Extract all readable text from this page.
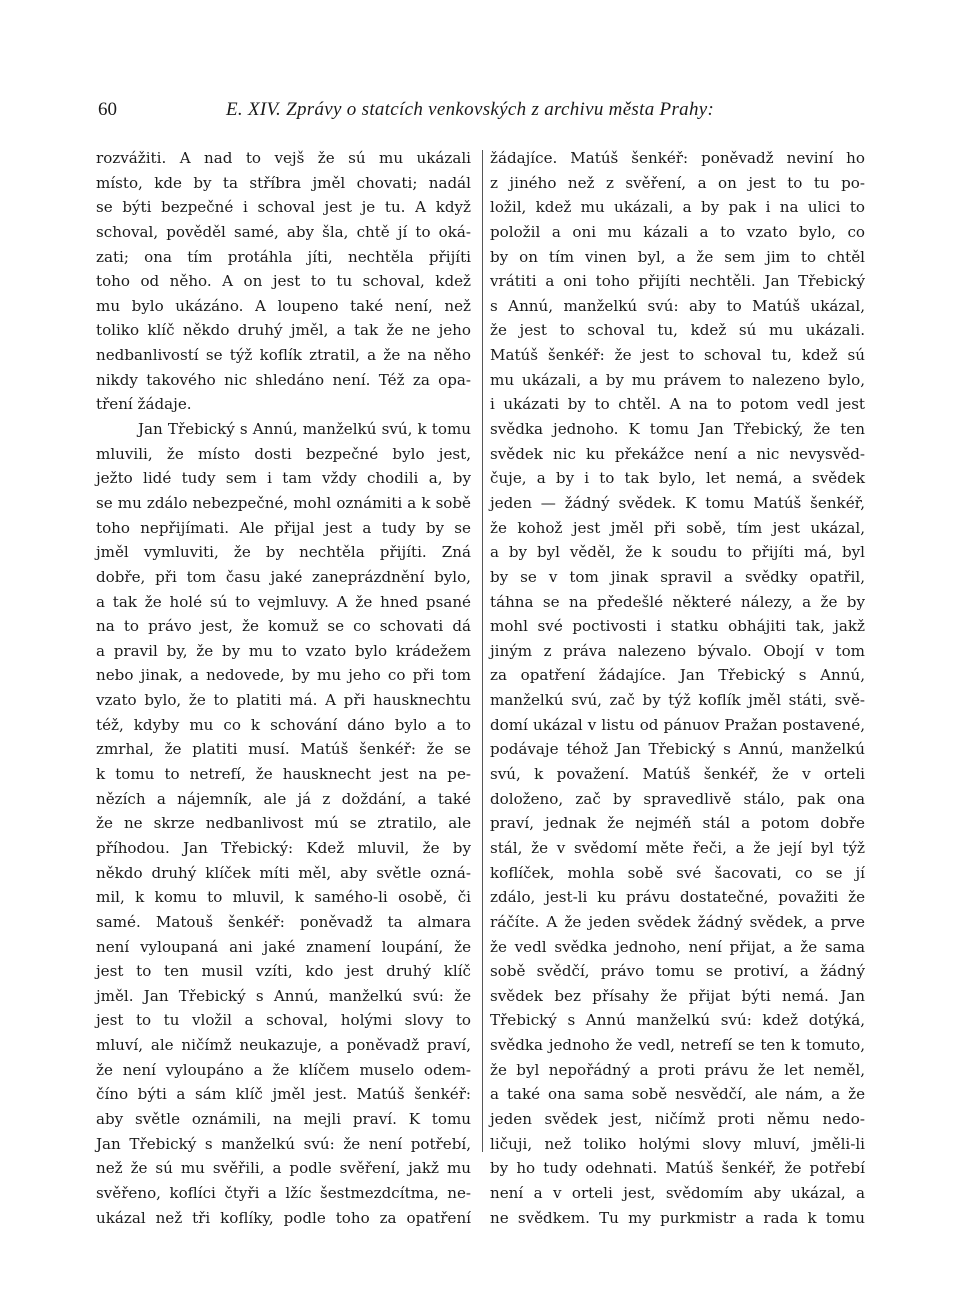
60	E. XIV. Zprávy o statcích venkovských z archivu města Prahy:
rozvážiti. A nad to vejš že sú mu ukázali
místo, kde by ta stříbra jměl chovati; nadál
se býti bezpečné i schoval jest je tu. A když
schoval, pověděl samé, aby šla, chtě jí to oká-
zati; ona tím protáhla jíti, nechtěla přijíti
toho od něho. A on jest to tu schoval, kdež
mu bylo ukázáno. A loupeno také není, než
toliko klíč někdo druhý jměl, a tak že ne jeho
nedbanlivostí se týž koflík ztratil, a že na něho
nikdy takového nic shledáno není. Též za opa-
tření žádaje.
Jan Třebický s Annú, manželkú svú, k tomu
mluvili, že místo dosti bezpečné bylo jest,
ježto lidé tudy sem i tam vždy chodili a, by
se mu zdálo nebezpečné, mohl oznámiti a k sobě
toho nepřijímati. Ale přijal jest a tudy by se
jměl vymluviti, že by nechtěla přijíti. Zná
dobře, při tom času jaké zaneprázdnění bylo,
a tak že holé sú to vejmluvy. A že hned psané
na to právo jest, že komuž se co schovati dá
a pravil by, že by mu to vzato bylo krádežem
nebo jinak, a nedovede, by mu jeho co při tom
vzato bylo, že to platiti má. A při hausknechtu
též, kdyby mu co k schování dáno bylo a to
zmrhal, že platiti musí. Matúš šenkéř: že se
k tomu to netrefí, že hausknecht jest na pe-
nězích a nájemník, ale já z doždání, a také
že ne skrze nedbanlivost mú se ztratilo, ale
příhodou. Jan Třebický: Kdež mluvil, že by
někdo druhý klíček míti měl, aby světle ozná-
mil, k komu to mluvil, k samého-li osobě, či
samé. Matouš šenkéř: poněvadž ta almara
není vyloupaná ani jaké znamení loupání, že
jest to ten musil vzíti, kdo jest druhý klíč
jměl. Jan Třebický s Annú, manželkú svú: že
jest to tu vložil a schoval, holými slovy to
mluví, ale ničímž neukazuje, a poněvadž praví,
že není vyloupáno a že klíčem muselo odem-
číno býti a sám klíč jměl jest. Matúš šenkéř:
aby světle oznámili, na mejli praví. K tomu
Jan Třebický s manželkú svú: že není potřebí,
než že sú mu svěřili, a podle svěření, jakž mu
svěřeno, koflíci čtyři a lžíc šestmezdcítma, ne-
ukázal než tři koflíky, podle toho za opatření
žádajíce. Matúš šenkéř: poněvadž neviní ho
z jiného než z svěření, a on jest to tu po-
ložil, kdež mu ukázali, a by pak i na ulici to
položil a oni mu kázali a to vzato bylo, co
by on tím vinen byl, a že sem jim to chtěl
vrátiti a oni toho přijíti nechtěli. Jan Třebický
s Annú, manželkú svú: aby to Matúš ukázal,
že jest to schoval tu, kdež sú mu ukázali.
Matúš šenkéř: že jest to schoval tu, kdež sú
mu ukázali, a by mu právem to nalezeno bylo,
i ukázati by to chtěl. A na to potom vedl jest
svědka jednoho. K tomu Jan Třebický, že ten
svědek nic ku překážce není a nic nevysvěd-
čuje, a by i to tak bylo, let nemá, a svědek
jeden — žádný svědek. K tomu Matúš šenkéř,
že kohož jest jměl při sobě, tím jest ukázal,
a by byl věděl, že k soudu to přijíti má, byl
by se v tom jinak spravil a svědky opatřil,
táhna se na předešlé některé nálezy, a že by
mohl své poctivosti i statku obhájiti tak, jakž
jiným z práva nalezeno bývalo. Obojí v tom
za opatření žádajíce. Jan Třebický s Annú,
manželkú svú, zač by týž koflík jměl státi, svě-
domí ukázal v listu od pánuov Pražan postavené,
podávaje téhož Jan Třebický s Annú, manželkú
svú, k považení. Matúš šenkéř, že v orteli
doloženo, zač by spravedlivě stálo, pak ona
praví, jednak že nejméň stál a potom dobře
stál, že v svědomí měte řeči, a že její byl týž
koflíček, mohla sobě své šacovati, co se jí
zdálo, jest-li ku právu dostatečné, považiti že
ráčíte. A že jeden svědek žádný svědek, a prve
že vedl svědka jednoho, není přijat, a že sama
sobě svědčí, právo tomu se protiví, a žádný
svědek bez přísahy že přijat býti nemá. Jan
Třebický s Annú manželkú svú: kdež dotýká,
svědka jednoho že vedl, netrefí se ten k tomuto,
že byl nepořádný a proti právu že let neměl,
a také ona sama sobě nesvědčí, ale nám, a že
jeden svědek jest, ničímž proti němu nedo-
ličuji, než toliko holými slovy mluví, jměli-li
by ho tudy odehnati. Matúš šenkéř, že potřebí
není a v orteli jest, svědomím aby ukázal, a
ne svědkem. Tu my purkmistr a rada k tomu
